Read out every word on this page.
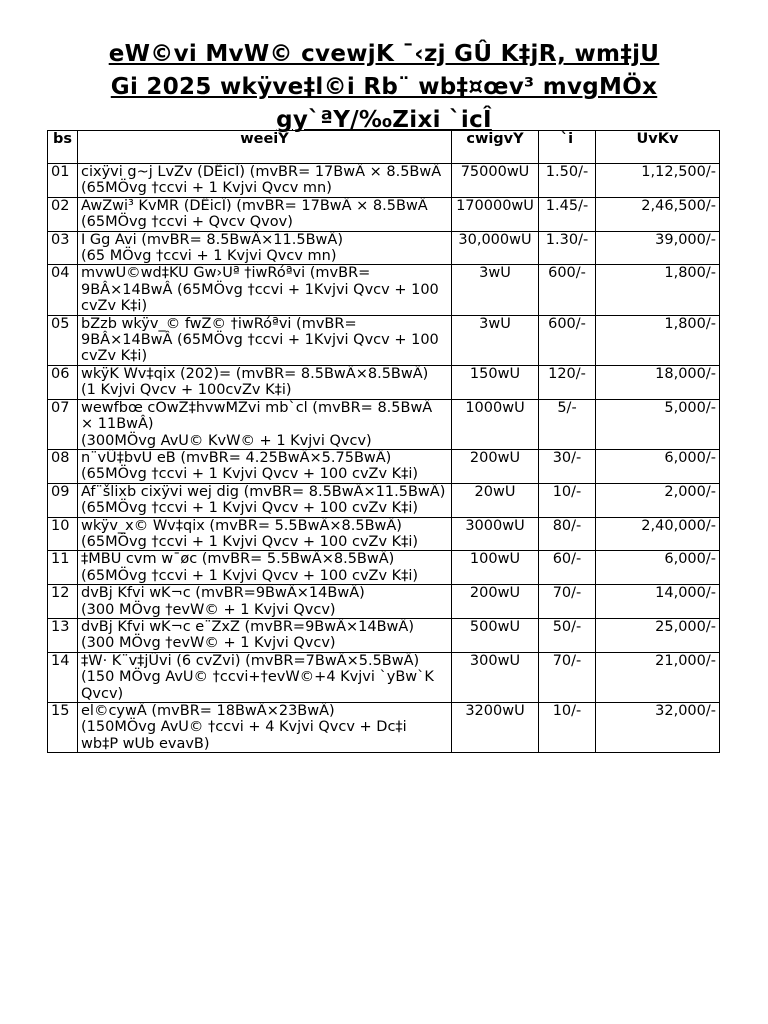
eW©vi MvW© cvewjK ¯‹zj GÛ K‡jR, wm‡jU
Gi 2025 wkÿve‡l©i Rb¨ wb‡¤œv³ mvgMÖx
gy`ªY/‰Zixi `icÎ
bs	weeiY	cwigvY	`i	UvKv
01	cixÿvi g~j LvZv (DËicÎ) (mvBR= 17BwÂ × 8.5BwÂ
(65MÖvg †ccvi + 1 Kvjvi Qvcv mn)	75000wU	1.50/-	1,12,500/-
02	AwZwi³ KvMR (DËicÎ) (mvBR= 17BwÂ × 8.5BwÂ
(65MÖvg †ccvi + Qvcv Qvov)	170000wU	1.45/-	2,46,500/-
03	I Gg Avi (mvBR= 8.5BwÂ×11.5BwÂ)
(65 MÖvg †ccvi + 1 Kvjvi Qvcv mn)	30,000wU	1.30/-	39,000/-
04	mvwU©wd‡KU Gw›Uª †iwRóªvi (mvBR= 9BÂ×14BwÂ (65MÖvg †ccvi + 1Kvjvi Qvcv + 100 cvZv K‡i)	3wU	600/-	1,800/-
05	bZzb wkÿv_© fwZ© †iwRóªvi (mvBR= 9BÂ×14BwÂ (65MÖvg †ccvi + 1Kvjvi Qvcv + 100 cvZv K‡i)	3wU	600/-	1,800/-
06	wkÿK Wv‡qix (202)= (mvBR= 8.5BwÂ×8.5BwÂ)
(1 Kvjvi Qvcv + 100cvZv K‡i)	150wU	120/-	18,000/-
07	wewfbœ cÖwZ‡hvwMZvi mb`cl (mvBR= 8.5BwÂ × 11BwÂ)
(300MÖvg AvU© KvW© + 1 Kvjvi Qvcv)	1000wU	5/-	5,000/-
08	n¨vÛ‡bvU eB (mvBR= 4.25BwÂ×5.75BwÂ)
(65MÖvg †ccvi + 1 Kvjvi Qvcv + 100 cvZv K‡i)	200wU	30/-	6,000/-
09	Af¨šlixb cixÿvi wej dig (mvBR= 8.5BwÂ×11.5BwÂ)
(65MÖvg †ccvi + 1 Kvjvi Qvcv + 100 cvZv K‡i)	20wU	10/-	2,000/-
10	wkÿv_x© Wv‡qix (mvBR= 5.5BwÂ×8.5BwÂ)
(65MÖvg †ccvi + 1 Kvjvi Qvcv + 100 cvZv K‡i)	3000wU	80/-	2,40,000/-
11	‡MBU cvm w¯øc (mvBR= 5.5BwÂ×8.5BwÂ)
(65MÖvg †ccvi + 1 Kvjvi Qvcv + 100 cvZv K‡i)	100wU	60/-	6,000/-
12	dvBj Kfvi wK¬c (mvBR=9BwÂ×14BwÂ)
(300 MÖvg †evW© + 1 Kvjvi Qvcv)	200wU	70/-	14,000/-
13	dvBj Kfvi wK¬c e¨ZxZ (mvBR=9BwÂ×14BwÂ)
(300 MÖvg †evW© + 1 Kvjvi Qvcv)	500wU	50/-	25,000/-
14	‡W· K¨v‡jÛvi (6 cvZvi) (mvBR=7BwÂ×5.5BwÂ)
(150 MÖvg AvU© †ccvi+†evW©+4 Kvjvi `yBw`K Qvcv)	300wU	70/-	21,000/-
15	el©cywÄ (mvBR= 18BwÂ×23BwÂ)
(150MÖvg AvU© †ccvi + 4 Kvjvi Qvcv + Dc‡i wb‡P wUb evavB)	3200wU	10/-	32,000/-
